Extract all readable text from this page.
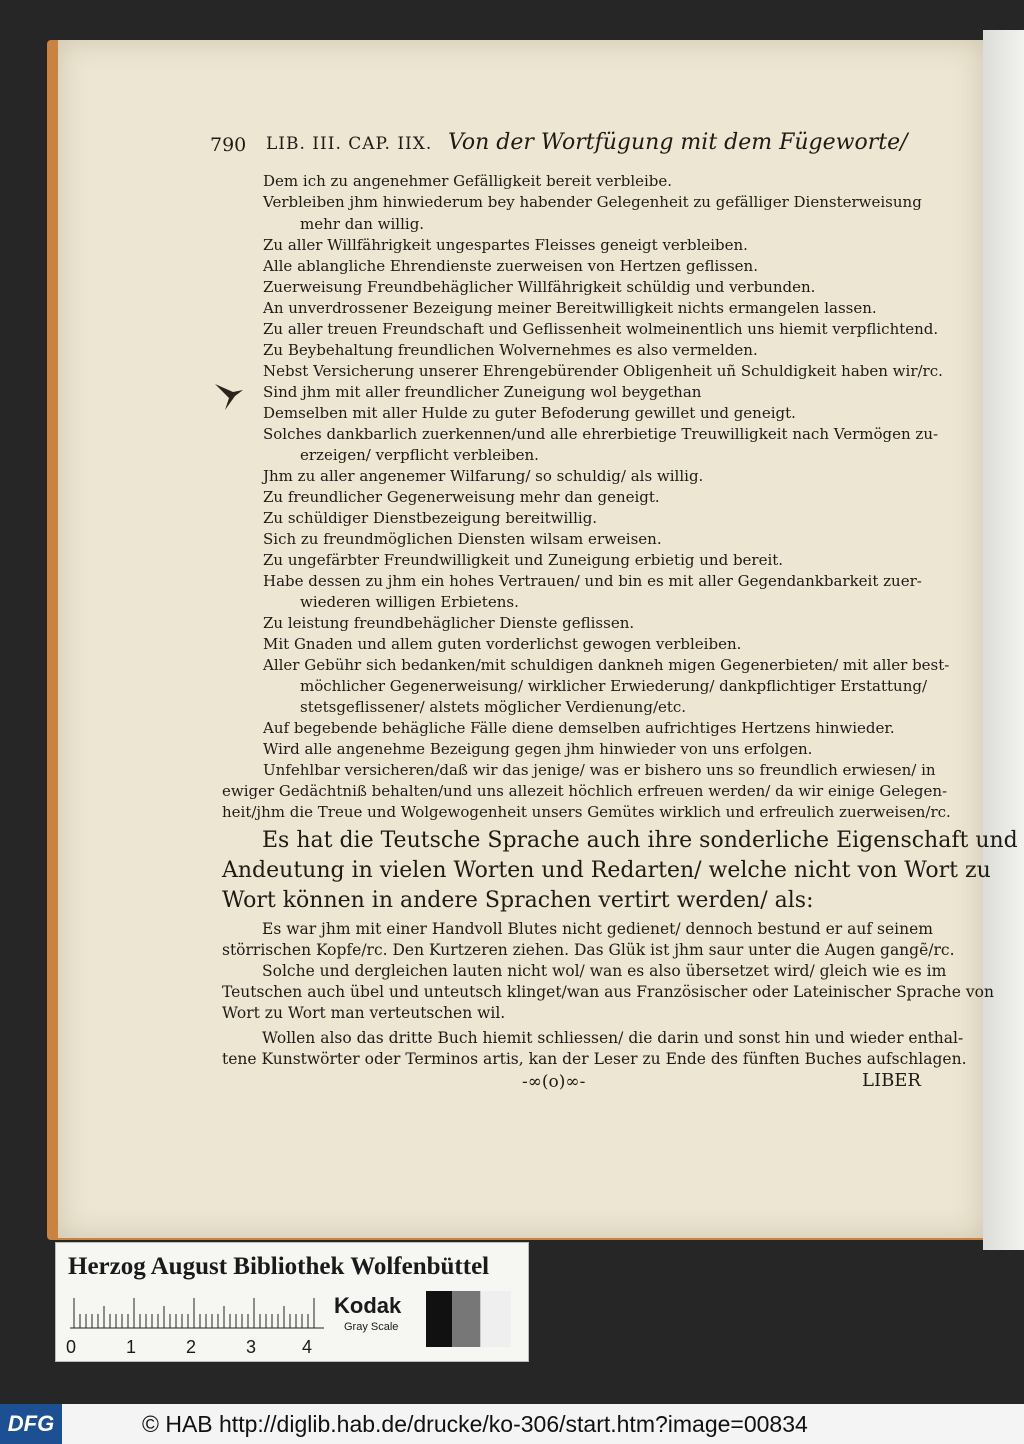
790 LIB. III. CAP. IIX. Von der Wortfügung mit dem Fügeworte/
Dem ich zu angenehmer Gefälligkeit bereit verbleibe.
Verbleiben jhm hinwiederum bey habender Gelegenheit zu gefälliger Diensterweisung
mehr dan willig.
Zu aller Willfährigkeit ungespartes Fleisses geneigt verbleiben.
Alle ablangliche Ehrendienste zuerweisen von Hertzen geflissen.
Zuerweisung Freundbehäglicher Willfährigkeit schüldig und verbunden.
An unverdrossener Bezeigung meiner Bereitwilligkeit nichts ermangelen lassen.
Zu aller treuen Freundschaft und Geflissenheit wolmeinentlich uns hiemit verpflichtend.
Zu Beybehaltung freundlichen Wolvernehmes es also vermelden.
Nebst Versicherung unserer Ehrengebürender Obligenheit uñ Schuldigkeit haben wir/rc.
Sind jhm mit aller freundlicher Zuneigung wol beygethan
Demselben mit aller Hulde zu guter Befoderung gewillet und geneigt.
Solches dankbarlich zuerkennen/und alle ehrerbietige Treuwilligkeit nach Vermögen zu-
erzeigen/ verpflicht verbleiben.
Jhm zu aller angenemer Wilfarung/ so schuldig/ als willig.
Zu freundlicher Gegenerweisung mehr dan geneigt.
Zu schüldiger Dienstbezeigung bereitwillig.
Sich zu freundmöglichen Diensten wilsam erweisen.
Zu ungefärbter Freundwilligkeit und Zuneigung erbietig und bereit.
Habe dessen zu jhm ein hohes Vertrauen/ und bin es mit aller Gegendankbarkeit zuer-
wiederen willigen Erbietens.
Zu leistung freundbehäglicher Dienste geflissen.
Mit Gnaden und allem guten vorderlichst gewogen verbleiben.
Aller Gebühr sich bedanken/mit schuldigen dankneh migen Gegenerbieten/ mit aller best-
möchlicher Gegenerweisung/ wirklicher Erwiederung/ dankpflichtiger Erstattung/
stetsgeflissener/ alstets möglicher Verdienung/etc.
Auf begebende behägliche Fälle diene demselben aufrichtiges Hertzens hinwieder.
Wird alle angenehme Bezeigung gegen jhm hinwieder von uns erfolgen.
Unfehlbar versicheren/daß wir das jenige/ was er bishero uns so freundlich erwiesen/ in
ewiger Gedächtniß behalten/und uns allezeit höchlich erfreuen werden/ da wir einige Gelegen-
heit/jhm die Treue und Wolgewogenheit unsers Gemütes wirklich und erfreulich zuerweisen/rc.
Es hat die Teutsche Sprache auch ihre sonderliche Eigenschaft und
Andeutung in vielen Worten und Redarten/ welche nicht von Wort zu
Wort können in andere Sprachen vertirt werden/ als:
Es war jhm mit einer Handvoll Blutes nicht gedienet/ dennoch bestund er auf seinem
störrischen Kopfe/rc. Den Kurtzeren ziehen. Das Glük ist jhm saur unter die Augen gangẽ/rc.
Solche und dergleichen lauten nicht wol/ wan es also übersetzet wird/ gleich wie es im
Teutschen auch übel und unteutsch klinget/wan aus Französischer oder Lateinischer Sprache von
Wort zu Wort man verteutschen wil.
Wollen also das dritte Buch hiemit schliessen/ die darin und sonst hin und wieder enthal-
tene Kunstwörter oder Terminos artis, kan der Leser zu Ende des fünften Buches aufschlagen.
-∞(o)∞-	LIBER
Herzog August Bibliothek Wolfenbüttel
0	1	2	3	4
Kodak
Gray Scale
DFG	© HAB http://diglib.hab.de/drucke/ko-306/start.htm?image=00834
